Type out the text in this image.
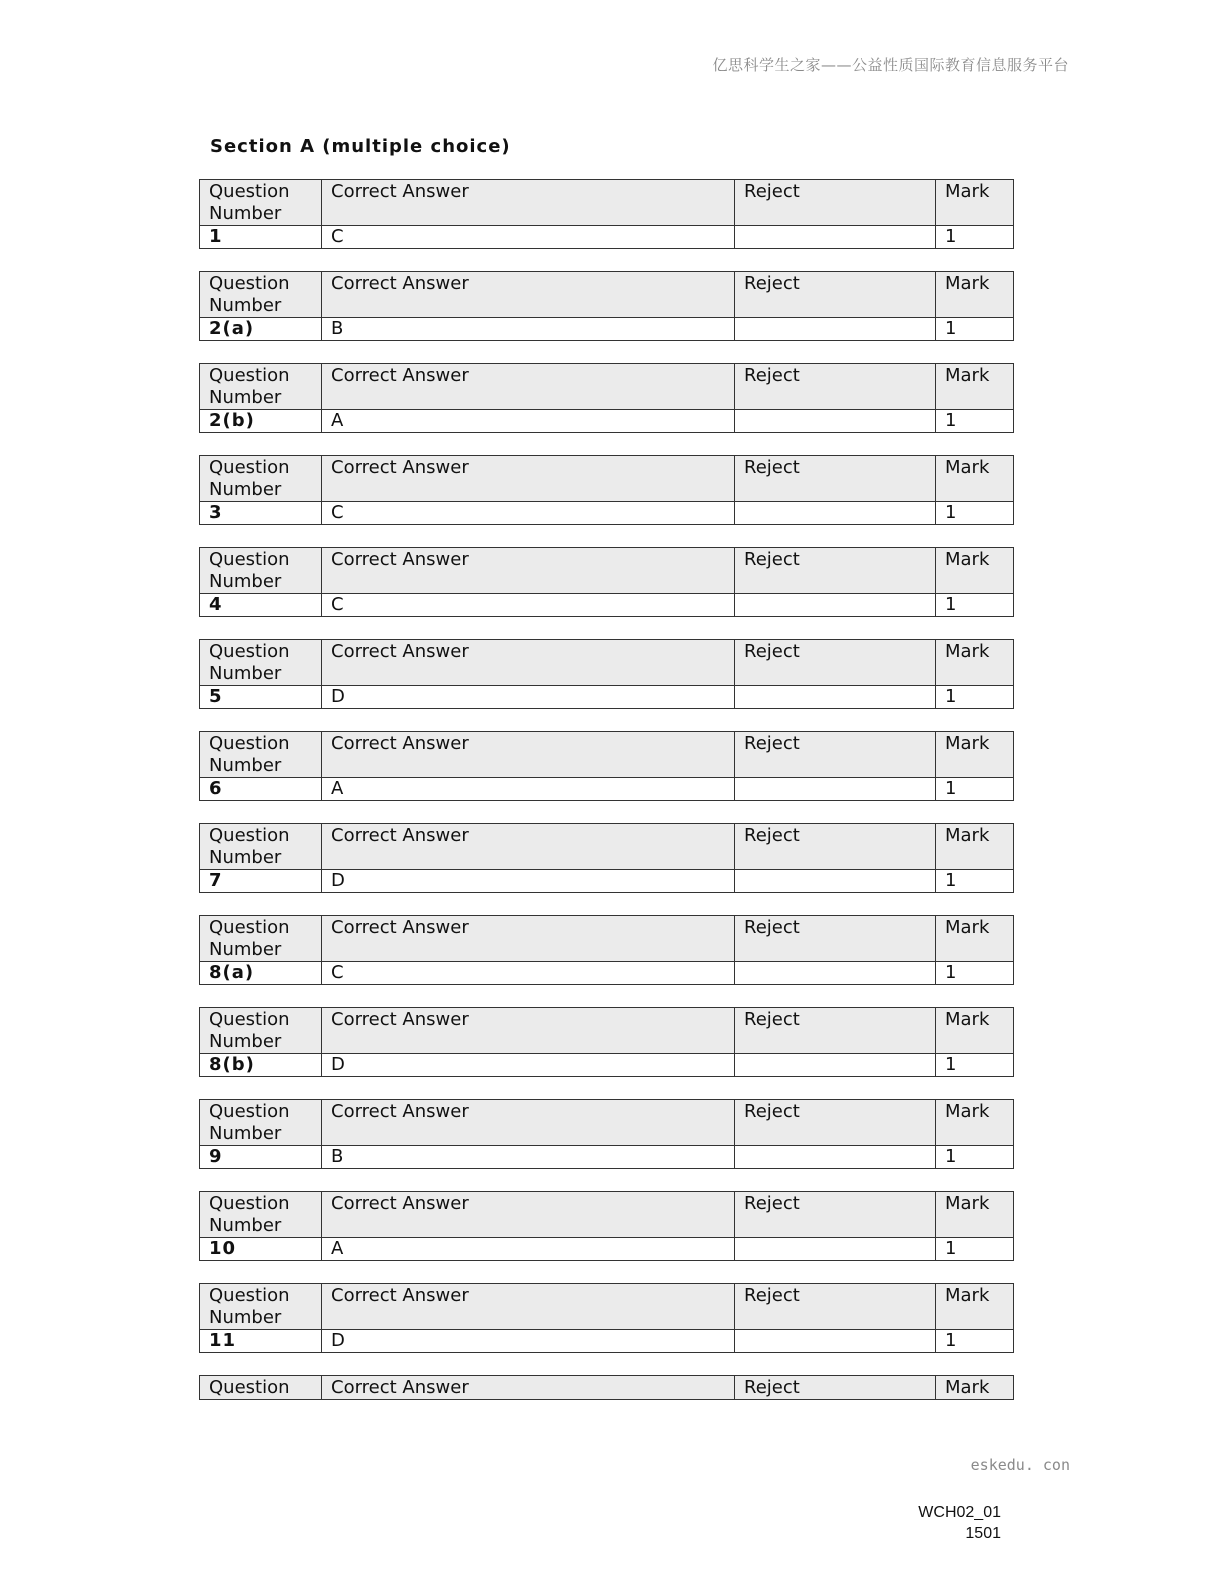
亿思科学生之家——公益性质国际教育信息服务平台
Section A (multiple choice)
Question Number	Correct Answer	Reject	Mark
1	C		1
Question Number	Correct Answer	Reject	Mark
2(a)	B		1
Question Number	Correct Answer	Reject	Mark
2(b)	A		1
Question Number	Correct Answer	Reject	Mark
3	C		1
Question Number	Correct Answer	Reject	Mark
4	C		1
Question Number	Correct Answer	Reject	Mark
5	D		1
Question Number	Correct Answer	Reject	Mark
6	A		1
Question Number	Correct Answer	Reject	Mark
7	D		1
Question Number	Correct Answer	Reject	Mark
8(a)	C		1
Question Number	Correct Answer	Reject	Mark
8(b)	D		1
Question Number	Correct Answer	Reject	Mark
9	B		1
Question Number	Correct Answer	Reject	Mark
10	A		1
Question Number	Correct Answer	Reject	Mark
11	D		1
Question	Correct Answer	Reject	Mark
eskedu. con
WCH02_01
1501
